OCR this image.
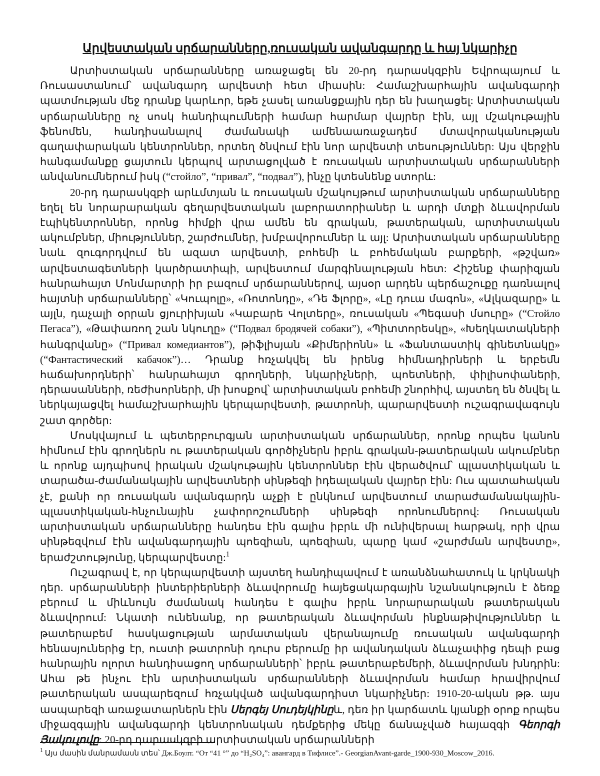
Արվեստական սրճարանները,ռուսական ավանգարդը և հայ նկարիչը

Արտիստական սրճարանները առաջացել են 20-րդ դարասկզբին Եվրոպայում և Ռուսաստանում՝ ավանգարդ արվեստի հետ միասին: Համաշխարհային ավանգարդի պատմության մեջ դրանք կարևոր, եթե չասել առանցքային դեր են խաղացել: Արտիստական սրճարանները ոչ սոսկ հանդիպումների համար հարմար վայրեր էին, այլ մշակութային ֆենոմեն, հանդիսանալով ժամանակի ամենաառաջադեմ մտավորականության գաղափարական կենտրոններ, որտեղ ծնվում էին նոր արվեստի տեսություններ: Այս վերջին հանգամանքը ցայտուն կերպով արտացոլված է ռուսական արտիստական սրճարանների անվանումներում իսկ (“стойло”, “привал”, “подвал”), ինչը կտեսնենք ստորև:

20-րդ դարասկզբի արևմտյան և ռուսական մշակույթում արտիստական սրճարանները եղել են նորարարական գեղարվեստական լաբորատորիաներ և արդի մտքի ձևավորման էպիկենտրոններ, որոնց հիմքի վրա ամեն են գրական, թատերական, արտիստական ակումբներ, միություններ, շարժումներ, խմբավորումներ և այլ: Արտիստական սրճարանները նաև զուգորդվում են ազատ արվեստի, բոհեմի և բոհեմական բարքերի, «թշվառ» արվեստագետների կարծրատիպի, արվեստում մարգինալության հետ: Հիշենք փարիզյան հանրահայտ Մոնմարտրի իր բազում սրճարաններով, այսօր արդեն պերճաշուքը դառնալով հայտնի սրճարանները՝ «Կուպոլը», «Ռոտոնդը», «Դե Ֆլորը», «Լը դուա մագոն», «Ալկազարը» և այլն, դաչալի օրրան ցյուրիխյան «Կաբարե Վոլտերը», ռուսական «Պեգասի մսուրը» (“Стойло Пегаса”), «Թափառող շան նկուղը» (“Подвал бродячей собаки”), «Պիտտորեսկը», «Խեղկատակների հանգրվանը» (“Привал комедиантов”), թիֆլիսյան «Քիմերիոնն» և «Ֆանտաստիկ գինետնակը» (“Фантастический кабачок”)… Դրանք հռչակվել են իրենց հիմնադիրների և երբեմն հաճախորդների՝ հանրահայտ գրողների, նկարիչների, պոետների, փիլիսոփաների, դերասանների, ռեժիսորների, մի խոսքով՝ արտիստական բոհեմի շնորհիվ, այստեղ են ծնվել և ներկայացվել համաշխարհային կերպարվեստի, թատրոնի, պարարվեստի ուշագրավագույն շատ գործեր:

Մոսկվայում և պետերբուրգյան արտիստական սրճարաններ, որոնք որպես կանոն հիմնում էին գրողներն ու թատերական գործիչներն իբրև գրական-թատերական ակումբներ և որոնք այդպիսով իրական մշակութային կենտրոններ էին վերածվում՝ պլաստիկական և տարածա-ժամանակային արվեստների սինթեզի իդեալական վայրեր էին: Ուս պատահական չէ, քանի որ ռուսական ավանգարդն աչքի է ընկնում արվեստում տարաժամանակային-պլաստիկական-հնչունային չափորոշումների սինթեզի որոնումներով: Ռուսական արտիստական սրճարանները հանդես էին գալիս իբրև մի ունիվերսալ հարթակ, որի վրա սինթեզվում էին ավանգարդային պոեզիան, պոեզիան, պարը կամ «շարժման արվեստը», երաժշտությունը, կերպարվեստը:$^1$

Ուշագրավ է, որ կերպարվեստի այստեղ հանդիպավում է առանձնահատուկ և կրկնակի դեր. սրճարանների ինտերիերների ձևավորումը հայեցակարգային նշանակություն է ձեռք բերում և միևնույն ժամանակ հանդես է գալիս իբրև նորարարական թատերական ձևավորում: Նկատի ունենանք, որ թատերական ձևավորման ինքնաթիվություններ և թատերաբեմ հասկացության արմատական վերանայումը ռուսական ավանգարդի հենասյուներից էր, ուստի թատրոնի դուրս բերումը իր ավանդական ձևաչափից դեպի բաց հանրային ոլորտ հանդիսացող սրճարանների՝ իբրև թատերաբեմերի, ձևավորման խնդրին: Ահա թե ինչու էին արտիստական սրճարանների ձևավորման համար հրավիրվում թատերական ասպարեզում հռչակված ավանգարդիստ նկարիչներ: 1910-20-ական թթ. այս ասպարեզի առաջատարներն էին Սերգեյ Սուդեյկինըև, դեռ իր կարճատև կյանքի օրոք որպես միջազգային ավանգարդի կենտրոնական դեմքերից մեկը ճանաչված հայազգի Գեորգի Յակուլովը: 20-րդ դարասկզբի արտիստական սրճարանների

$^1$ Այս մասին մանրամասն տես՝ Дж.Боулт. “От “41 °” до “H₂SO₄”: авангард в Тифлисе”.- GeorgianAvant-garde_1900-930_Moscow_2016.
